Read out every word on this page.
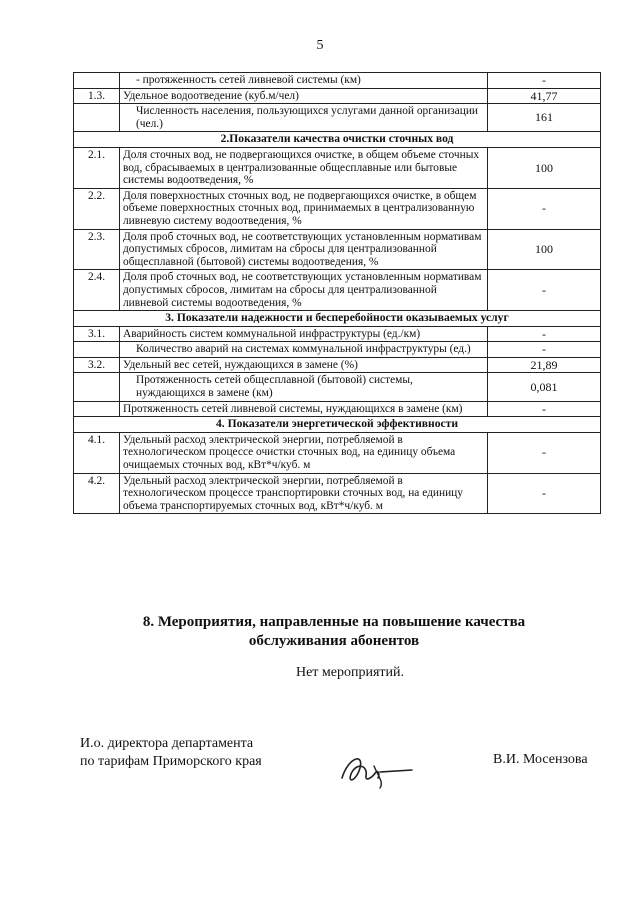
5
	- протяженность сетей ливневой системы (км)	-
1.3.	Удельное водоотведение (куб.м/чел)	41,77
	Численность населения, пользующихся услугами данной организации (чел.)	161
2.Показатели качества очистки сточных вод		
2.1.	Доля сточных вод, не подвергающихся очистке, в общем объеме сточных вод, сбрасываемых в централизованные общесплавные или бытовые системы водоотведения, %	100
2.2.	Доля поверхностных сточных вод, не подвергающихся очистке, в общем объеме поверхностных сточных вод, принимаемых в централизованную ливневую систему водоотведения, %	-
2.3.	Доля проб сточных вод, не соответствующих установленным нормативам допустимых сбросов, лимитам на сбросы для централизованной общесплавной (бытовой) системы водоотведения, %	100
2.4.	Доля проб сточных вод, не соответствующих установленным нормативам допустимых сбросов, лимитам на сбросы для централизованной ливневой системы водоотведения, %	-
3. Показатели надежности и бесперебойности оказываемых услуг		
3.1.	Аварийность систем коммунальной инфраструктуры (ед./км)	-
	Количество аварий на системах коммунальной инфраструктуры (ед.)	-
3.2.	Удельный вес сетей, нуждающихся в замене (%)	21,89
	Протяженность сетей общесплавной (бытовой) системы, нуждающихся в замене (км)	0,081
	Протяженность сетей ливневой системы, нуждающихся в замене (км)	-
4. Показатели энергетической эффективности		
4.1.	Удельный расход электрической энергии, потребляемой в технологическом процессе очистки сточных вод, на единицу объема очищаемых сточных вод, кВт*ч/куб. м	-
4.2.	Удельный расход электрической энергии, потребляемой в технологическом процессе транспортировки сточных вод, на единицу объема транспортируемых сточных вод, кВт*ч/куб. м	-
8. Мероприятия, направленные на повышение качества
обслуживания абонентов
Нет мероприятий.
И.о. директора департамента
по тарифам Приморского края	В.И. Мосензова
